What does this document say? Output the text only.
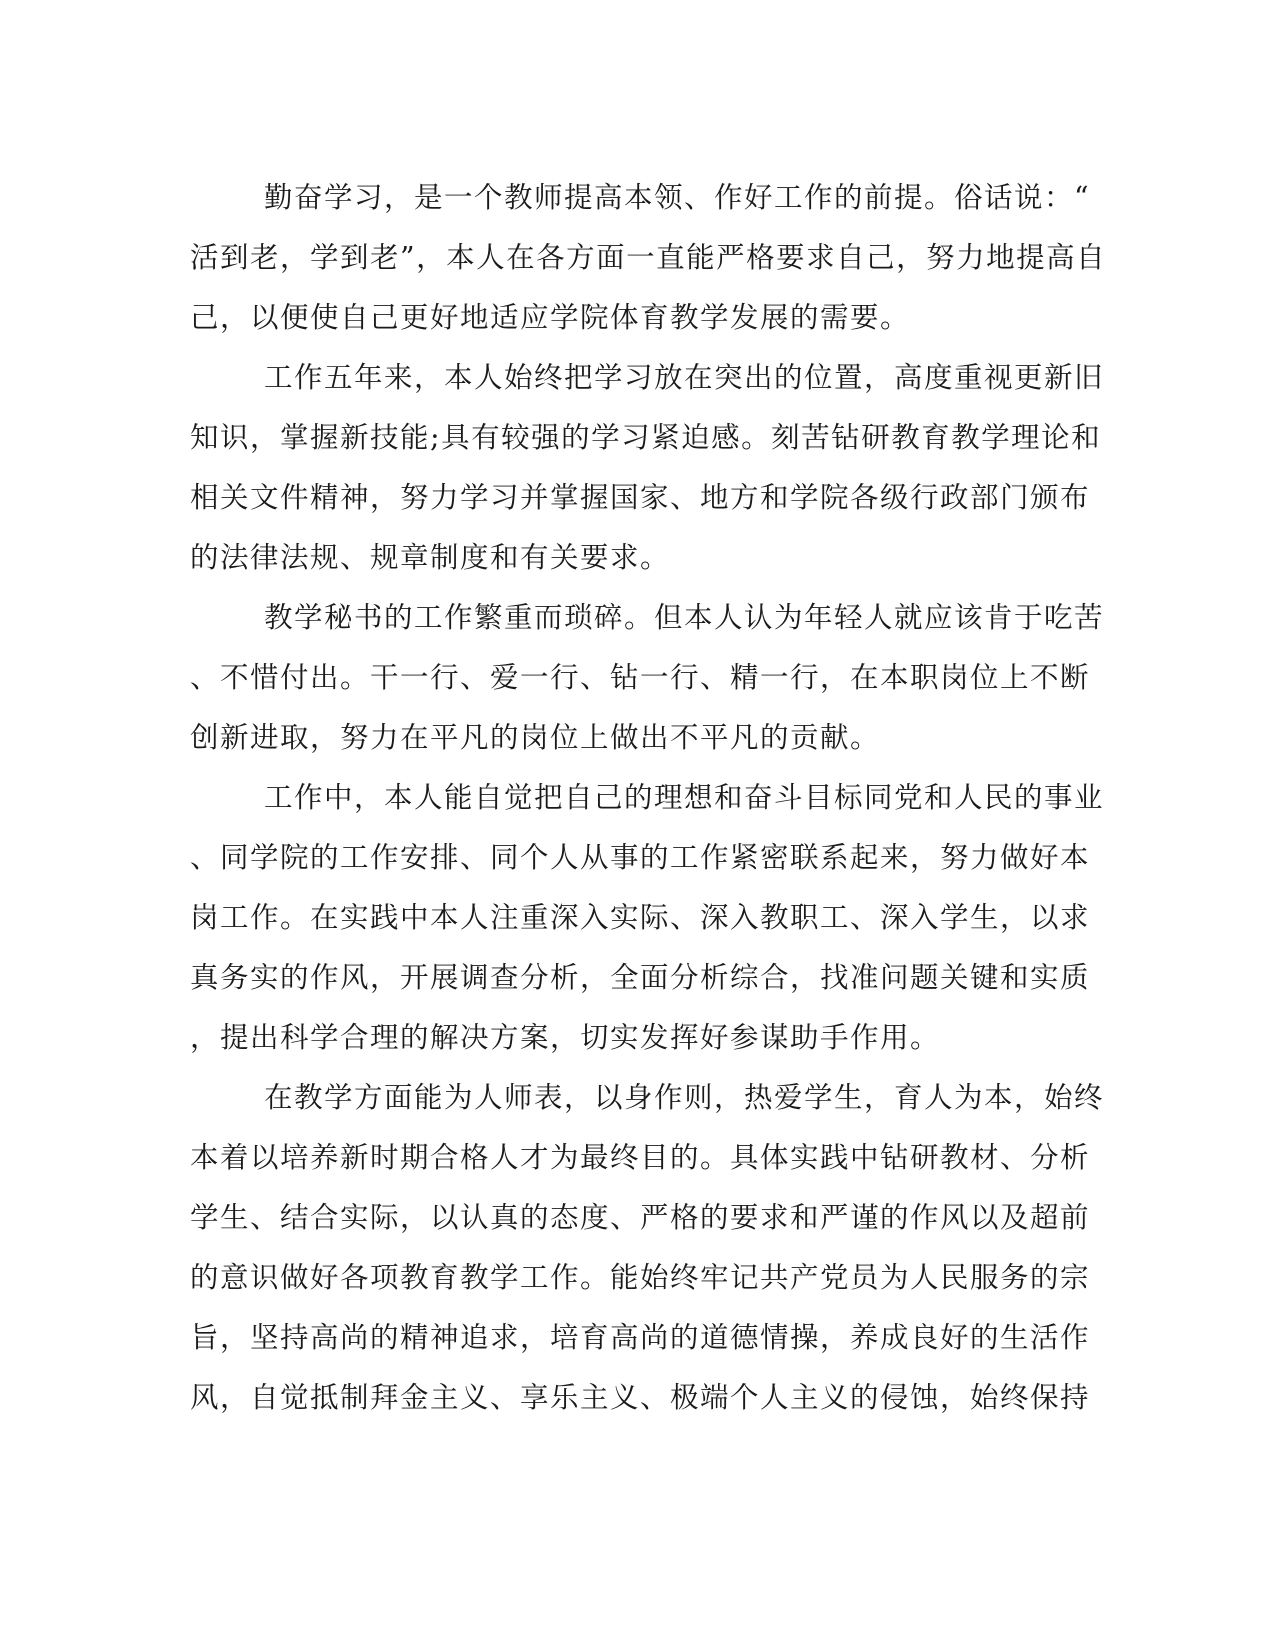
勤奋学习，是一个教师提高本领、作好工作的前提。俗话说：“
活到老，学到老”，本人在各方面一直能严格要求自己，努力地提高自
己，以便使自己更好地适应学院体育教学发展的需要。
工作五年来，本人始终把学习放在突出的位置，高度重视更新旧
知识，掌握新技能;具有较强的学习紧迫感。刻苦钻研教育教学理论和
相关文件精神，努力学习并掌握国家、地方和学院各级行政部门颁布
的法律法规、规章制度和有关要求。
教学秘书的工作繁重而琐碎。但本人认为年轻人就应该肯于吃苦
、不惜付出。干一行、爱一行、钻一行、精一行，在本职岗位上不断
创新进取，努力在平凡的岗位上做出不平凡的贡献。
工作中，本人能自觉把自己的理想和奋斗目标同党和人民的事业
、同学院的工作安排、同个人从事的工作紧密联系起来，努力做好本
岗工作。在实践中本人注重深入实际、深入教职工、深入学生，以求
真务实的作风，开展调查分析，全面分析综合，找准问题关键和实质
，提出科学合理的解决方案，切实发挥好参谋助手作用。
在教学方面能为人师表，以身作则，热爱学生，育人为本，始终
本着以培养新时期合格人才为最终目的。具体实践中钻研教材、分析
学生、结合实际，以认真的态度、严格的要求和严谨的作风以及超前
的意识做好各项教育教学工作。能始终牢记共产党员为人民服务的宗
旨，坚持高尚的精神追求，培育高尚的道德情操，养成良好的生活作
风，自觉抵制拜金主义、享乐主义、极端个人主义的侵蚀，始终保持
